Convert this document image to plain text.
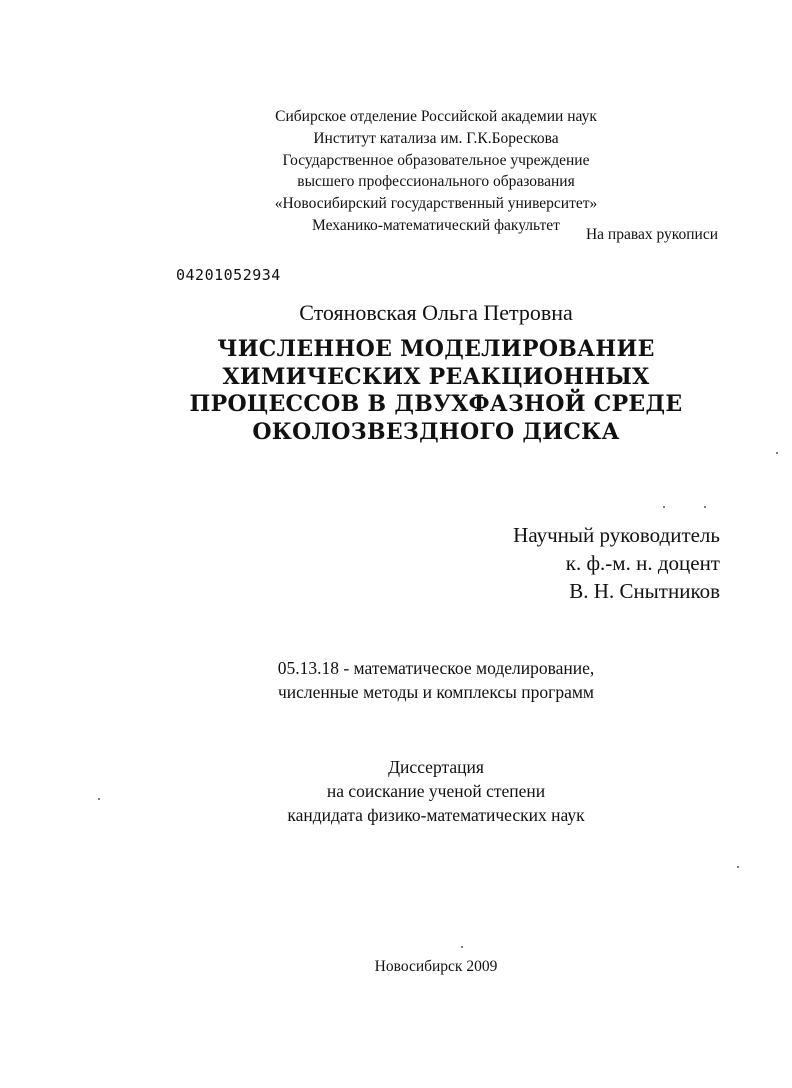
Сибирское отделение Российской академии наук
Институт катализа им. Г.К.Борескова
Государственное образовательное учреждение
высшего профессионального образования
«Новосибирский государственный университет»
Механико-математический факультет
На правах рукописи
04201052934
Стояновская Ольга Петровна
ЧИСЛЕННОЕ МОДЕЛИРОВАНИЕ
ХИМИЧЕСКИХ РЕАКЦИОННЫХ
ПРОЦЕССОВ В ДВУХФАЗНОЙ СРЕДЕ
ОКОЛОЗВЕЗДНОГО ДИСКА
Научный руководитель
к. ф.-м. н. доцент
В. Н. Снытников
05.13.18 - математическое моделирование,
численные методы и комплексы программ
Диссертация
на соискание ученой степени
кандидата физико-математических наук
Новосибирск 2009
